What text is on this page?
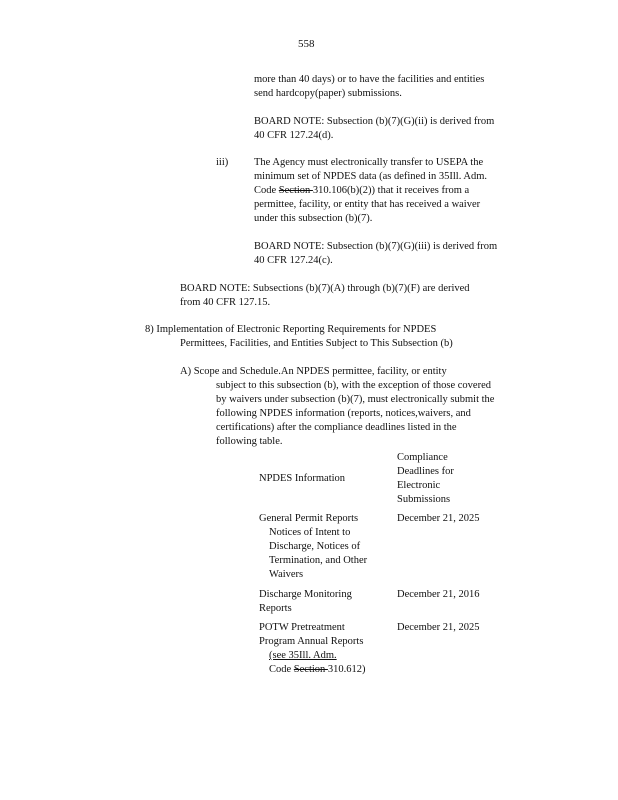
558
more than 40 days) or to have the facilities and entities
send hardcopy(paper) submissions.
BOARD NOTE: Subsection (b)(7)(G)(ii) is derived from
40 CFR 127.24(d).
iii) The Agency must electronically transfer to USEPA the
minimum set of NPDES data (as defined in 35Ill. Adm.
Code Section 310.106(b)(2)) that it receives from a
permittee, facility, or entity that has received a waiver
under this subsection (b)(7).
BOARD NOTE: Subsection (b)(7)(G)(iii) is derived from
40 CFR 127.24(c).
BOARD NOTE: Subsections (b)(7)(A) through (b)(7)(F) are derived
from 40 CFR 127.15.
8) Implementation of Electronic Reporting Requirements for NPDES
Permittees, Facilities, and Entities Subject to This Subsection (b)
A) Scope and Schedule.An NPDES permittee, facility, or entity
subject to this subsection (b), with the exception of those covered
by waivers under subsection (b)(7), must electronically submit the
following NPDES information (reports, notices,waivers, and
certifications) after the compliance deadlines listed in the
following table.
NPDES Information
Compliance
Deadlines for
Electronic
Submissions
General Permit Reports
Notices of Intent to
Discharge, Notices of
Termination, and Other
Waivers
December 21, 2025
Discharge Monitoring
Reports
December 21, 2016
POTW Pretreatment
Program Annual Reports
(see 35Ill. Adm.
Code Section 310.612)
December 21, 2025
